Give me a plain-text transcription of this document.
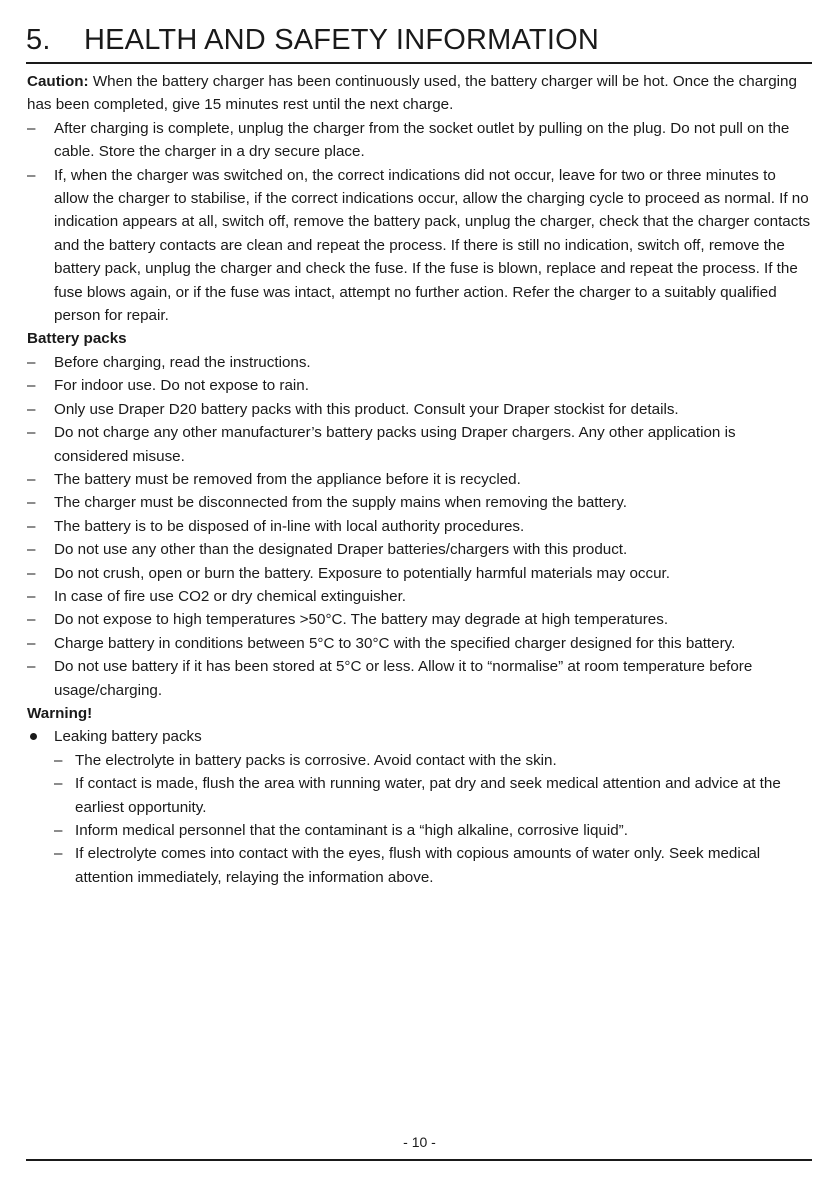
5. HEALTH AND SAFETY INFORMATION

Caution: When the battery charger has been continuously used, the battery charger will be hot. Once the charging has been completed, give 15 minutes rest until the next charge.

– After charging is complete, unplug the charger from the socket outlet by pulling on the plug. Do not pull on the cable. Store the charger in a dry secure place.

– If, when the charger was switched on, the correct indications did not occur, leave for two or three minutes to allow the charger to stabilise, if the correct indications occur, allow the charging cycle to proceed as normal. If no indication appears at all, switch off, remove the battery pack, unplug the charger, check that the charger contacts and the battery contacts are clean and repeat the process. If there is still no indication, switch off, remove the battery pack, unplug the charger and check the fuse. If the fuse is blown, replace and repeat the process. If the fuse blows again, or if the fuse was intact, attempt no further action. Refer the charger to a suitably qualified person for repair.

Battery packs

– Before charging, read the instructions.

– For indoor use. Do not expose to rain.

– Only use Draper D20 battery packs with this product. Consult your Draper stockist for details.

– Do not charge any other manufacturer’s battery packs using Draper chargers. Any other application is considered misuse.

– The battery must be removed from the appliance before it is recycled.

– The charger must be disconnected from the supply mains when removing the battery.

– The battery is to be disposed of in-line with local authority procedures.

– Do not use any other than the designated Draper batteries/chargers with this product.

– Do not crush, open or burn the battery. Exposure to potentially harmful materials may occur.

– In case of fire use CO2 or dry chemical extinguisher.

– Do not expose to high temperatures >50°C. The battery may degrade at high temperatures.

– Charge battery in conditions between 5°C to 30°C with the specified charger designed for this battery.

– Do not use battery if it has been stored at 5°C or less. Allow it to “normalise” at room temperature before usage/charging.

Warning!

Leaking battery packs

– The electrolyte in battery packs is corrosive. Avoid contact with the skin.

– If contact is made, flush the area with running water, pat dry and seek medical attention and advice at the earliest opportunity.

– Inform medical personnel that the contaminant is a “high alkaline, corrosive liquid”.

– If electrolyte comes into contact with the eyes, flush with copious amounts of water only. Seek medical attention immediately, relaying the information above.

- 10 -
